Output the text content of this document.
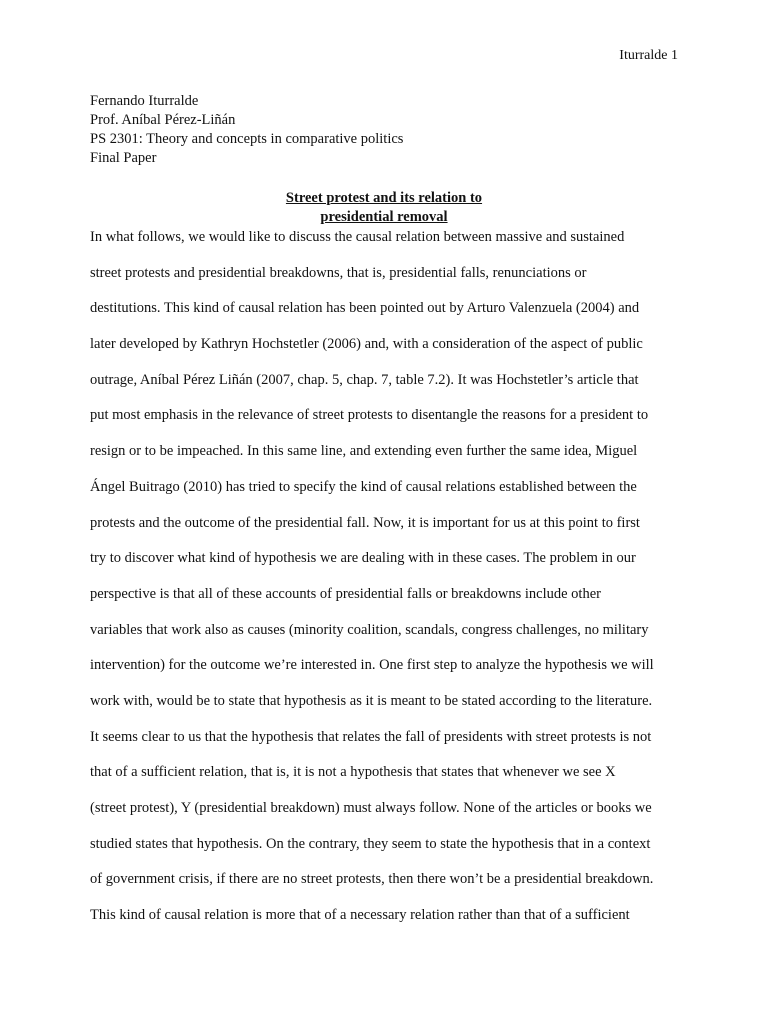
Iturralde 1
Fernando Iturralde
Prof. Aníbal Pérez-Liñán
PS 2301: Theory and concepts in comparative politics
Final Paper
Street protest and its relation to
presidential removal
In what follows, we would like to discuss the causal relation between massive and sustained
street protests and presidential breakdowns, that is, presidential falls, renunciations or
destitutions. This kind of causal relation has been pointed out by Arturo Valenzuela (2004) and
later developed by Kathryn Hochstetler (2006) and, with a consideration of the aspect of public
outrage, Aníbal Pérez Liñán (2007, chap. 5, chap. 7, table 7.2). It was Hochstetler’s article that
put most emphasis in the relevance of street protests to disentangle the reasons for a president to
resign or to be impeached. In this same line, and extending even further the same idea, Miguel
Ángel Buitrago (2010) has tried to specify the kind of causal relations established between the
protests and the outcome of the presidential fall. Now, it is important for us at this point to first
try to discover what kind of hypothesis we are dealing with in these cases. The problem in our
perspective is that all of these accounts of presidential falls or breakdowns include other
variables that work also as causes (minority coalition, scandals, congress challenges, no military
intervention) for the outcome we’re interested in. One first step to analyze the hypothesis we will
work with, would be to state that hypothesis as it is meant to be stated according to the literature.
It seems clear to us that the hypothesis that relates the fall of presidents with street protests is not
that of a sufficient relation, that is, it is not a hypothesis that states that whenever we see X
(street protest), Y (presidential breakdown) must always follow. None of the articles or books we
studied states that hypothesis. On the contrary, they seem to state the hypothesis that in a context
of government crisis, if there are no street protests, then there won’t be a presidential breakdown.
This kind of causal relation is more that of a necessary relation rather than that of a sufficient
